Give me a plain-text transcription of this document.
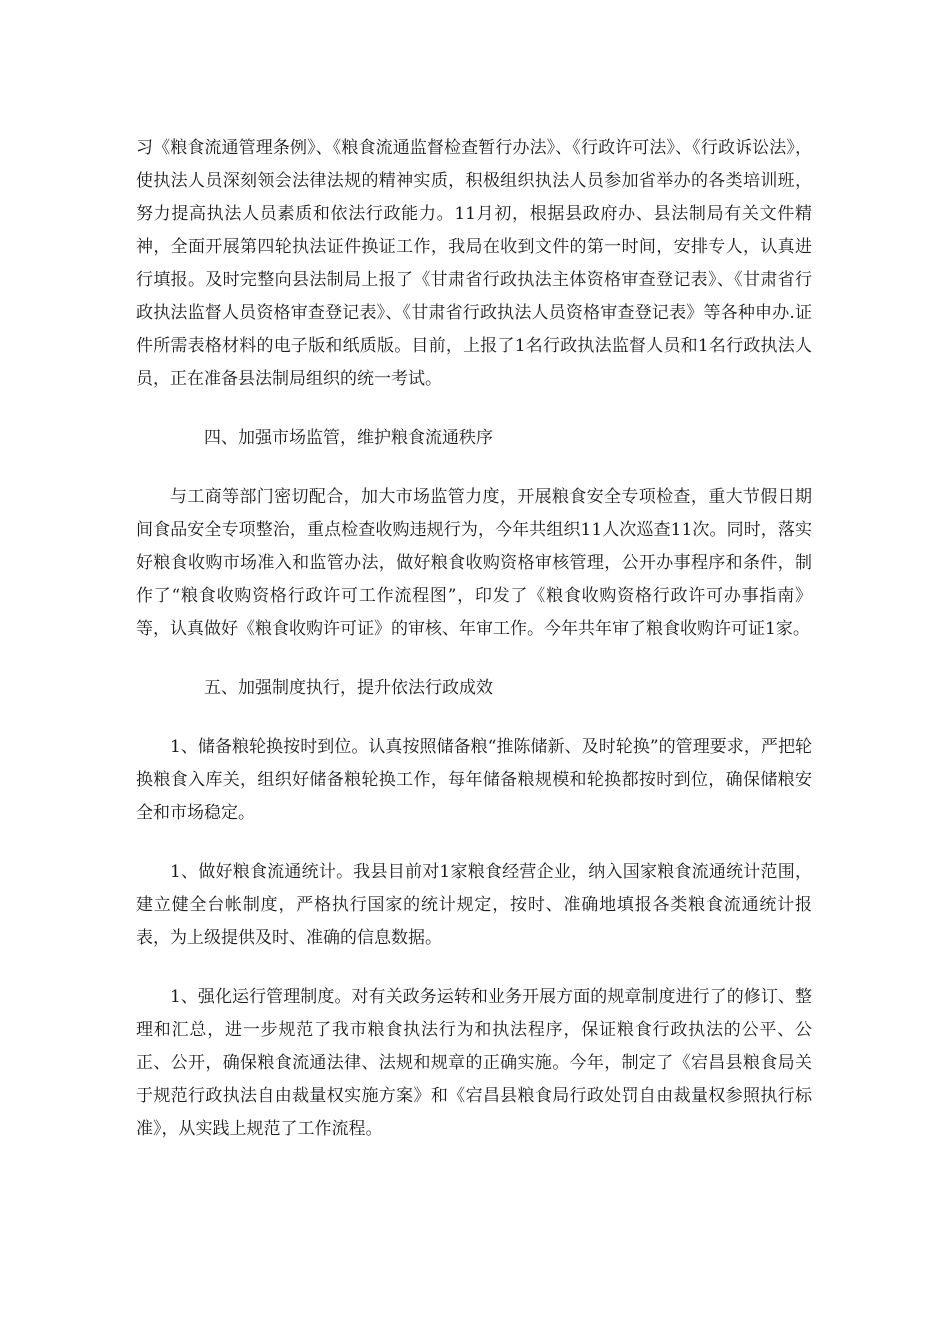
习《粮食流通管理条例》、《粮食流通监督检查暂行办法》、《行政许可法》、《行政诉讼法》，使执法人员深刻领会法律法规的精神实质，积极组织执法人员参加省举办的各类培训班，努力提高执法人员素质和依法行政能力。11月初，根据县政府办、县法制局有关文件精神，全面开展第四轮执法证件换证工作，我局在收到文件的第一时间，安排专人，认真进行填报。及时完整向县法制局上报了《甘肃省行政执法主体资格审查登记表》、《甘肃省行政执法监督人员资格审查登记表》、《甘肃省行政执法人员资格审查登记表》等各种申办.证件所需表格材料的电子版和纸质版。目前，上报了1名行政执法监督人员和1名行政执法人员，正在准备县法制局组织的统一考试。

四、加强市场监管，维护粮食流通秩序

与工商等部门密切配合，加大市场监管力度，开展粮食安全专项检查，重大节假日期间食品安全专项整治，重点检查收购违规行为，今年共组织11人次巡查11次。同时，落实好粮食收购市场准入和监管办法，做好粮食收购资格审核管理，公开办事程序和条件，制作了“粮食收购资格行政许可工作流程图”，印发了《粮食收购资格行政许可办事指南》等，认真做好《粮食收购许可证》的审核、年审工作。今年共年审了粮食收购许可证1家。

五、加强制度执行，提升依法行政成效

1、储备粮轮换按时到位。认真按照储备粮“推陈储新、及时轮换”的管理要求，严把轮换粮食入库关，组织好储备粮轮换工作，每年储备粮规模和轮换都按时到位，确保储粮安全和市场稳定。

1、做好粮食流通统计。我县目前对1家粮食经营企业，纳入国家粮食流通统计范围，建立健全台帐制度，严格执行国家的统计规定，按时、准确地填报各类粮食流通统计报表，为上级提供及时、准确的信息数据。

1、强化运行管理制度。对有关政务运转和业务开展方面的规章制度进行了的修订、整理和汇总，进一步规范了我市粮食执法行为和执法程序，保证粮食行政执法的公平、公正、公开，确保粮食流通法律、法规和规章的正确实施。今年，制定了《宕昌县粮食局关于规范行政执法自由裁量权实施方案》和《宕昌县粮食局行政处罚自由裁量权参照执行标准》，从实践上规范了工作流程。
